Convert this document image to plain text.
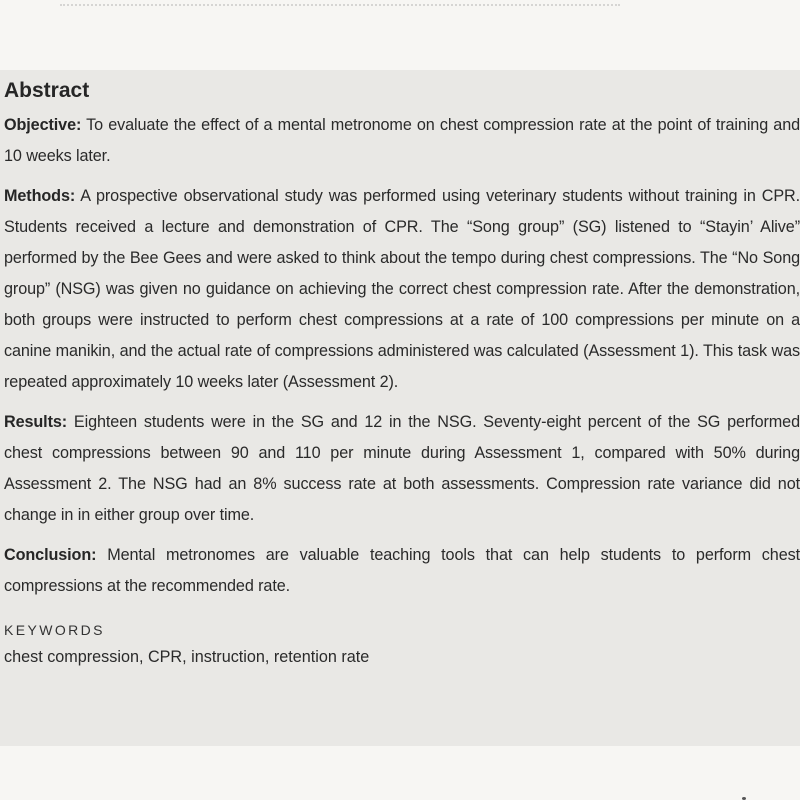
Abstract

Objective: To evaluate the effect of a mental metronome on chest compression rate at the point of training and 10 weeks later.

Methods: A prospective observational study was performed using veterinary students without training in CPR. Students received a lecture and demonstration of CPR. The “Song group” (SG) listened to “Stayin’ Alive” performed by the Bee Gees and were asked to think about the tempo during chest compressions. The “No Song group” (NSG) was given no guidance on achieving the correct chest compression rate. After the demonstration, both groups were instructed to perform chest compressions at a rate of 100 compressions per minute on a canine manikin, and the actual rate of compressions administered was calculated (Assessment 1). This task was repeated approximately 10 weeks later (Assessment 2).

Results: Eighteen students were in the SG and 12 in the NSG. Seventy-eight percent of the SG performed chest compressions between 90 and 110 per minute during Assessment 1, compared with 50% during Assessment 2. The NSG had an 8% success rate at both assessments. Compression rate variance did not change in in either group over time.

Conclusion: Mental metronomes are valuable teaching tools that can help students to perform chest compressions at the recommended rate.

KEYWORDS
chest compression, CPR, instruction, retention rate
